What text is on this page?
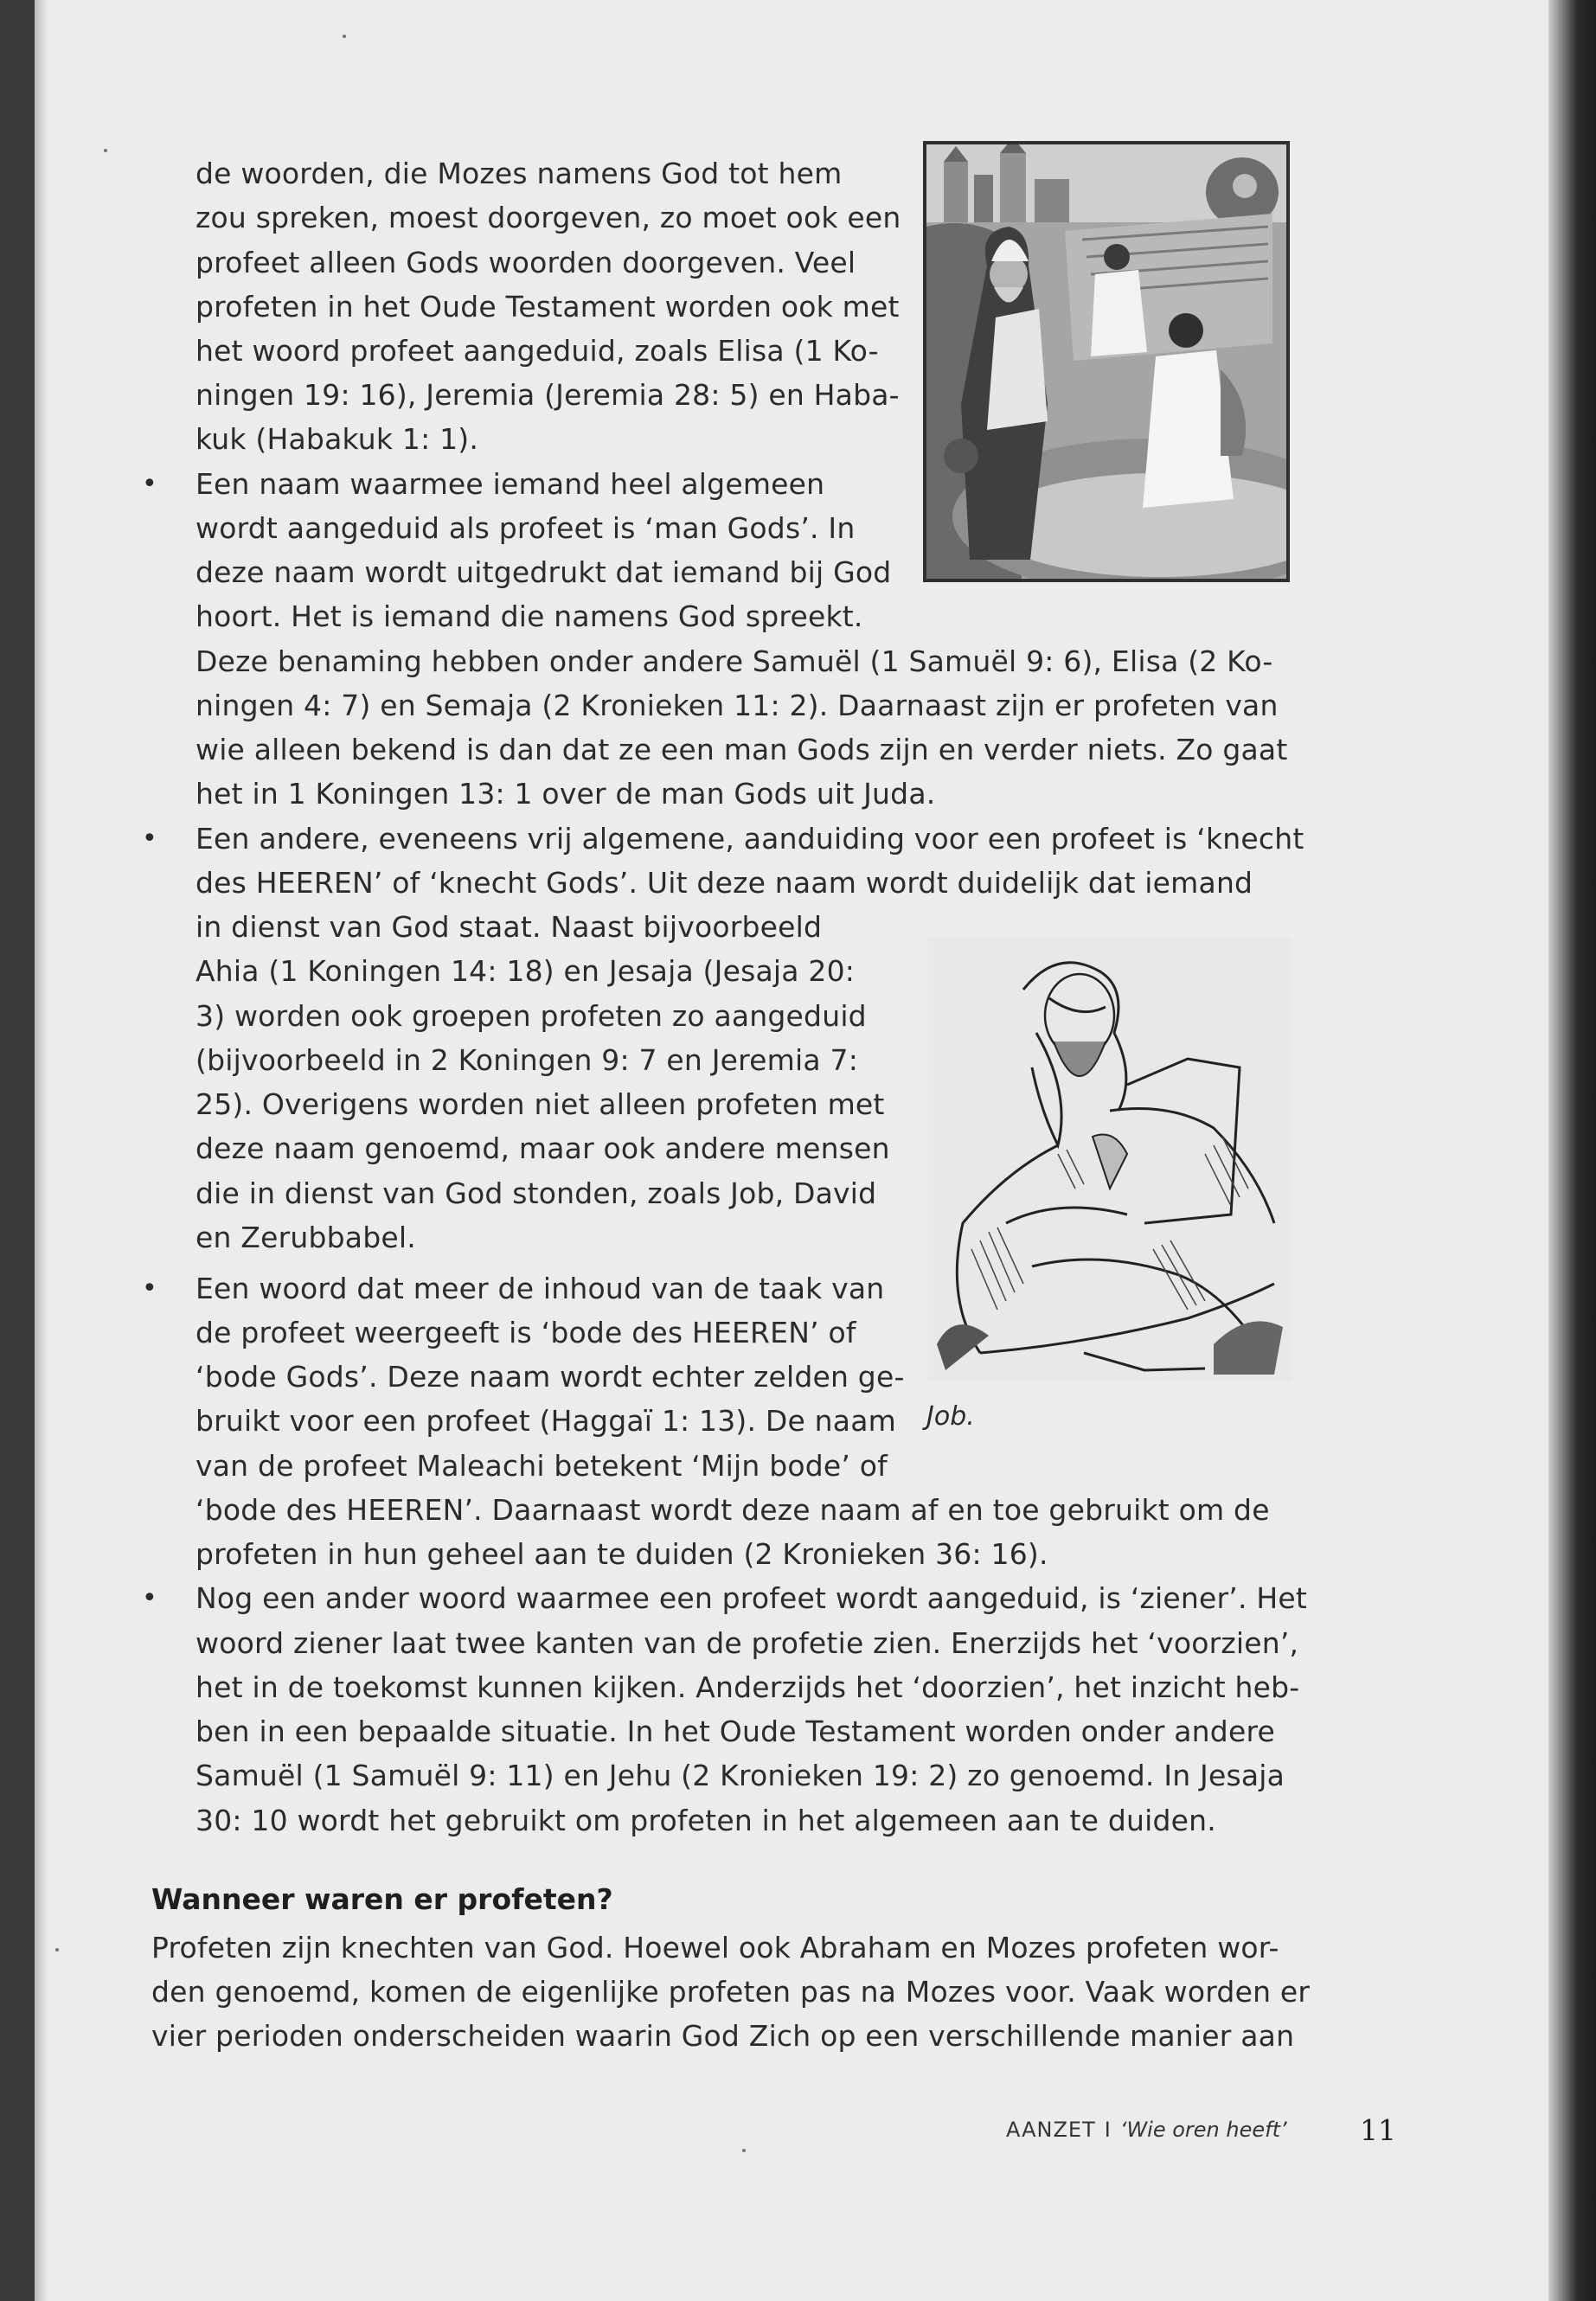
de woorden, die Mozes namens God tot hem
zou spreken, moest doorgeven, zo moet ook een
profeet alleen Gods woorden doorgeven. Veel
profeten in het Oude Testament worden ook met
het woord profeet aangeduid, zoals Elisa (1 Ko-
ningen 19: 16), Jeremia (Jeremia 28: 5) en Haba-
kuk (Habakuk 1: 1).
• Een naam waarmee iemand heel algemeen
wordt aangeduid als profeet is ‘man Gods’. In
deze naam wordt uitgedrukt dat iemand bij God
hoort. Het is iemand die namens God spreekt.
Deze benaming hebben onder andere Samuël (1 Samuël 9: 6), Elisa (2 Ko-
ningen 4: 7) en Semaja (2 Kronieken 11: 2). Daarnaast zijn er profeten van
wie alleen bekend is dan dat ze een man Gods zijn en verder niets. Zo gaat
het in 1 Koningen 13: 1 over de man Gods uit Juda.
• Een andere, eveneens vrij algemene, aanduiding voor een profeet is ‘knecht
des HEEREN’ of ‘knecht Gods’. Uit deze naam wordt duidelijk dat iemand
in dienst van God staat. Naast bijvoorbeeld
Ahia (1 Koningen 14: 18) en Jesaja (Jesaja 20:
3) worden ook groepen profeten zo aangeduid
(bijvoorbeeld in 2 Koningen 9: 7 en Jeremia 7:
25). Overigens worden niet alleen profeten met
deze naam genoemd, maar ook andere mensen
die in dienst van God stonden, zoals Job, David
en Zerubbabel.
Job.
• Een woord dat meer de inhoud van de taak van
de profeet weergeeft is ‘bode des HEEREN’ of
‘bode Gods’. Deze naam wordt echter zelden ge-
bruikt voor een profeet (Haggaï 1: 13). De naam
van de profeet Maleachi betekent ‘Mijn bode’ of
‘bode des HEEREN’. Daarnaast wordt deze naam af en toe gebruikt om de
profeten in hun geheel aan te duiden (2 Kronieken 36: 16).
• Nog een ander woord waarmee een profeet wordt aangeduid, is ‘ziener’. Het
woord ziener laat twee kanten van de profetie zien. Enerzijds het ‘voorzien’,
het in de toekomst kunnen kijken. Anderzijds het ‘doorzien’, het inzicht heb-
ben in een bepaalde situatie. In het Oude Testament worden onder andere
Samuël (1 Samuël 9: 11) en Jehu (2 Kronieken 19: 2) zo genoemd. In Jesaja
30: 10 wordt het gebruikt om profeten in het algemeen aan te duiden.
Wanneer waren er profeten?
Profeten zijn knechten van God. Hoewel ook Abraham en Mozes profeten wor-
den genoemd, komen de eigenlijke profeten pas na Mozes voor. Vaak worden er
vier perioden onderscheiden waarin God Zich op een verschillende manier aan
AANZET I ‘Wie oren heeft’	11
